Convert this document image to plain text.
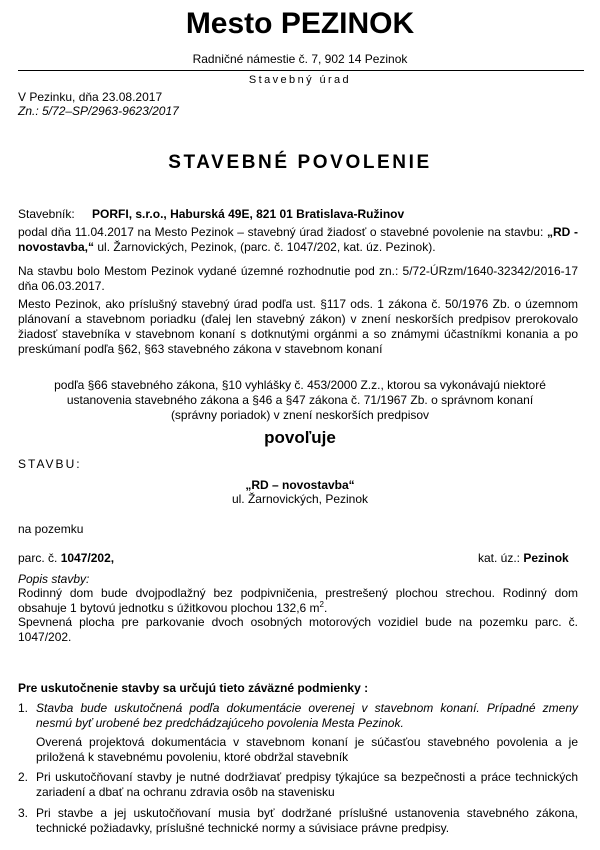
Mesto PEZINOK
Radničné námestie č. 7, 902 14 Pezinok
Stavebný úrad
V Pezinku, dňa 23.08.2017
Zn.: 5/72–SP/2963-9623/2017
STAVEBNÉ POVOLENIE
Stavebník: PORFI, s.r.o., Haburská 49E, 821 01 Bratislava-Ružinov
podal dňa 11.04.2017 na Mesto Pezinok – stavebný úrad žiadosť o stavebné povolenie na stavbu: „RD - novostavba,“ ul. Žarnovických, Pezinok, (parc. č. 1047/202, kat. úz. Pezinok).
Na stavbu bolo Mestom Pezinok vydané územné rozhodnutie pod zn.: 5/72-ÚRzm/1640-32342/2016-17 dňa 06.03.2017.
Mesto Pezinok, ako príslušný stavebný úrad podľa ust. §117 ods. 1 zákona č. 50/1976 Zb. o územnom plánovaní a stavebnom poriadku (ďalej len stavebný zákon) v znení neskorších predpisov prerokovalo žiadosť stavebníka v stavebnom konaní s dotknutými orgánmi a so známymi účastníkmi konania a po preskúmaní podľa §62, §63 stavebného zákona v stavebnom konaní
podľa §66 stavebného zákona, §10 vyhlášky č. 453/2000 Z.z., ktorou sa vykonávajú niektoré ustanovenia stavebného zákona a §46 a §47 zákona č. 71/1967 Zb. o správnom konaní (správny poriadok) v znení neskorších predpisov
povoľuje
STAVBU:
„RD – novostavba“
ul. Žarnovických, Pezinok
na pozemku
parc. č. 1047/202,	kat. úz.: Pezinok
Popis stavby:
Rodinný dom bude dvojpodlažný bez podpivničenia, prestrešený plochou strechou. Rodinný dom obsahuje 1 bytovú jednotku s úžitkovou plochou 132,6 $m^2$.
Spevnená plocha pre parkovanie dvoch osobných motorových vozidiel bude na pozemku parc. č. 1047/202.
Pre uskutočnenie stavby sa určujú tieto záväzné podmienky :
1. Stavba bude uskutočnená podľa dokumentácie overenej v stavebnom konaní. Prípadné zmeny nesmú byť urobené bez predchádzajúceho povolenia Mesta Pezinok.
Overená projektová dokumentácia v stavebnom konaní je súčasťou stavebného povolenia a je priložená k stavebnému povoleniu, ktoré obdržal stavebník
2. Pri uskutočňovaní stavby je nutné dodržiavať predpisy týkajúce sa bezpečnosti a práce technických zariadení a dbať na ochranu zdravia osôb na stavenisku
3. Pri stavbe a jej uskutočňovaní musia byť dodržané príslušné ustanovenia stavebného zákona, technické požiadavky, príslušné technické normy a súvisiace právne predpisy.
